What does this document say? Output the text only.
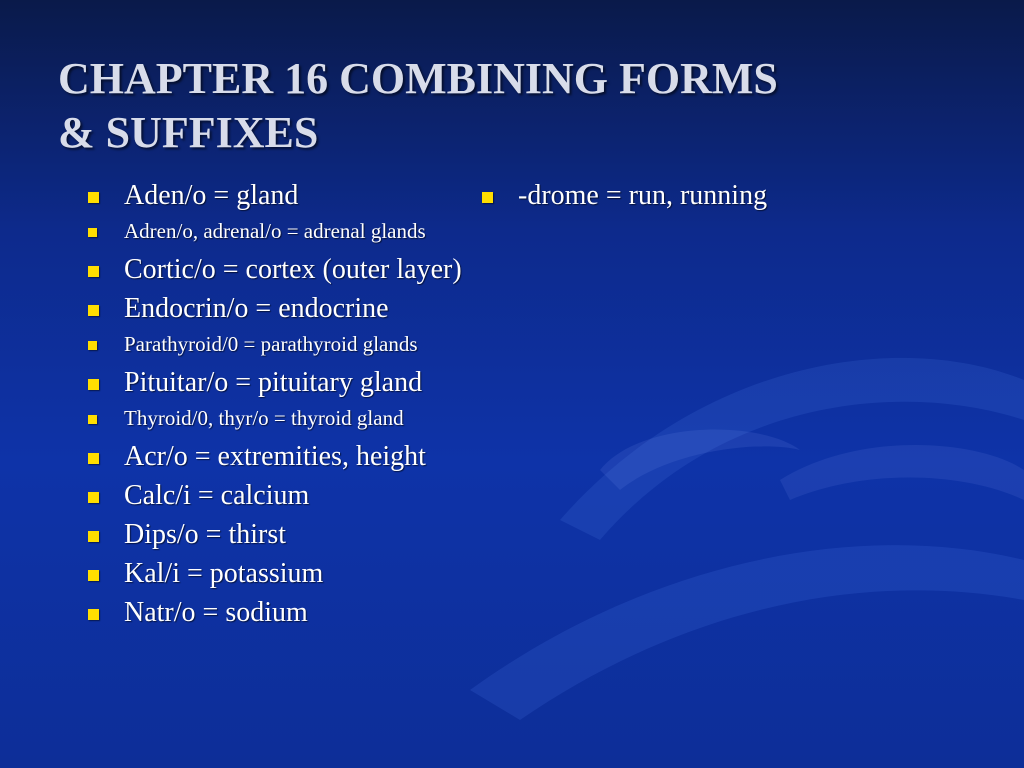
CHAPTER 16 COMBINING FORMS
& SUFFIXES
Aden/o = gland
Adren/o, adrenal/o = adrenal glands
Cortic/o = cortex (outer layer)
Endocrin/o = endocrine
Parathyroid/0 = parathyroid glands
Pituitar/o = pituitary gland
Thyroid/0, thyr/o = thyroid gland
Acr/o = extremities, height
Calc/i = calcium
Dips/o = thirst
Kal/i = potassium
Natr/o = sodium
-drome = run, running
